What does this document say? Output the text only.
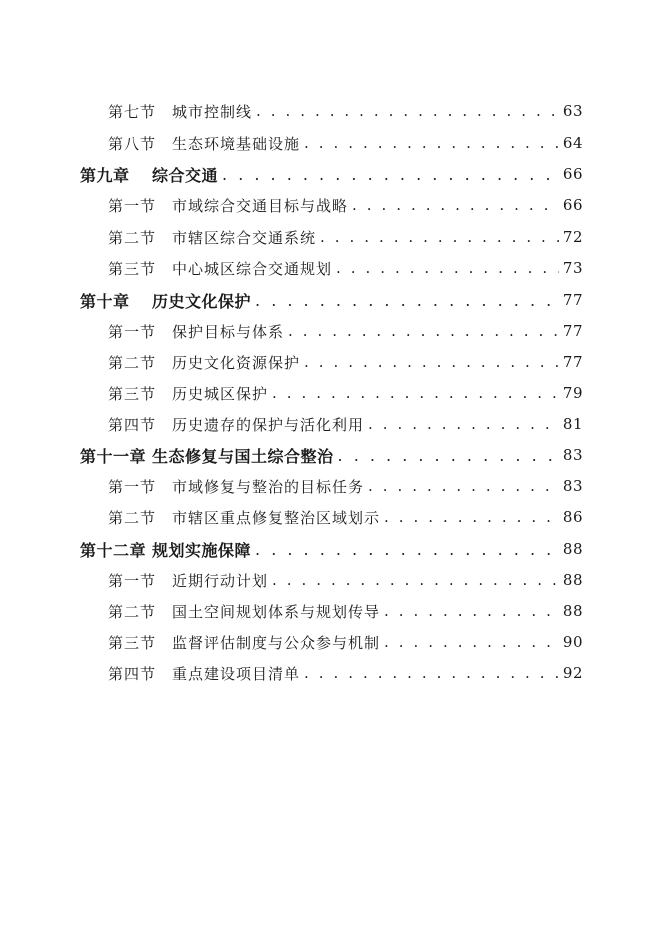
第七节	城市控制线 . . .	63
第八节	生态环境基础设施 . . .	64
第九章	综合交通 . . .	66
第一节	市域综合交通目标与战略 . . .	66
第二节	市辖区综合交通系统 . . .	72
第三节	中心城区综合交通规划 . . .	73
第十章	历史文化保护 . . .	77
第一节	保护目标与体系 . . .	77
第二节	历史文化资源保护 . . .	77
第三节	历史城区保护 . . .	79
第四节	历史遗存的保护与活化利用 . . .	81
第十一章 生态修复与国土综合整治 . . .	83
第一节	市域修复与整治的目标任务 . . .	83
第二节	市辖区重点修复整治区域划示 . . .	86
第十二章 规划实施保障 . . .	88
第一节	近期行动计划 . . .	88
第二节	国土空间规划体系与规划传导 . . .	88
第三节	监督评估制度与公众参与机制 . . .	90
第四节	重点建设项目清单 . . .	92
